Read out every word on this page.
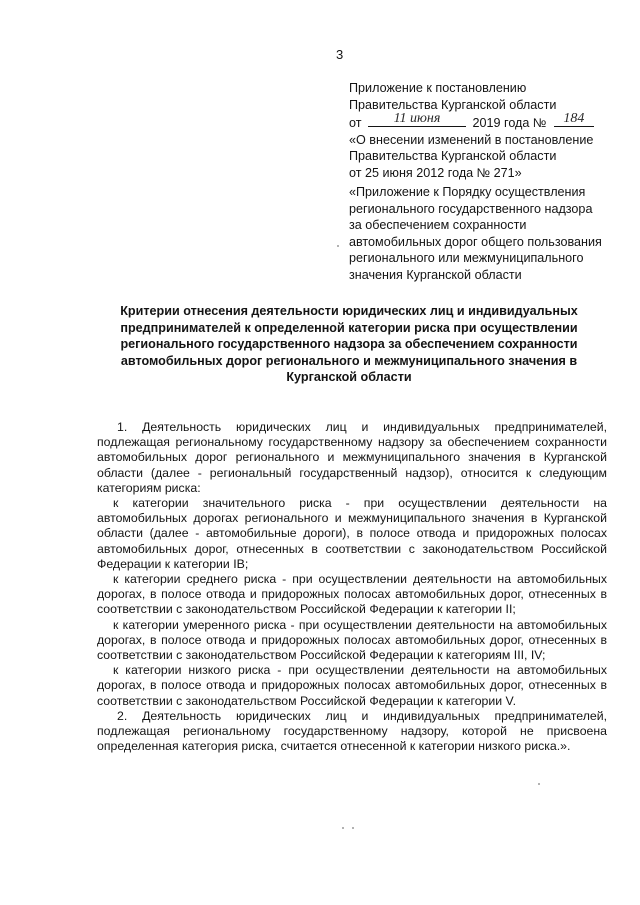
3
Приложение к постановлению
Правительства Курганской области
от	11 июня	2019 года №	184
«О внесении изменений в постановление
Правительства Курганской области
от 25 июня 2012 года № 271»
«Приложение к Порядку осуществления
регионального государственного надзора
за обеспечением сохранности
автомобильных дорог общего пользования
регионального или межмуниципального
значения Курганской области
Критерии отнесения деятельности юридических лиц и индивидуальных
предпринимателей к определенной категории риска при осуществлении
регионального государственного надзора за обеспечением сохранности
автомобильных дорог регионального и межмуниципального значения в
Курганской области

1. Деятельность юридических лиц и индивидуальных предпринимателей, подлежащая региональному государственному надзору за обеспечением сохранности автомобильных дорог регионального и межмуниципального значения в Курганской области (далее - региональный государственный надзор), относится к следующим категориям риска:

к категории значительного риска - при осуществлении деятельности на автомобильных дорогах регионального и межмуниципального значения в Курганской области (далее - автомобильные дороги), в полосе отвода и придорожных полосах автомобильных дорог, отнесенных в соответствии с законодательством Российской Федерации к категории IB;

к категории среднего риска - при осуществлении деятельности на автомобильных дорогах, в полосе отвода и придорожных полосах автомобильных дорог, отнесенных в соответствии с законодательством Российской Федерации к категории II;

к категории умеренного риска - при осуществлении деятельности на автомобильных дорогах, в полосе отвода и придорожных полосах автомобильных дорог, отнесенных в соответствии с законодательством Российской Федерации к категориям III, IV;

к категории низкого риска - при осуществлении деятельности на автомобильных дорогах, в полосе отвода и придорожных полосах автомобильных дорог, отнесенных в соответствии с законодательством Российской Федерации к категории V.

2. Деятельность юридических лиц и индивидуальных предпринимателей, подлежащая региональному государственному надзору, которой не присвоена определенная категория риска, считается отнесенной к категории низкого риска.».
